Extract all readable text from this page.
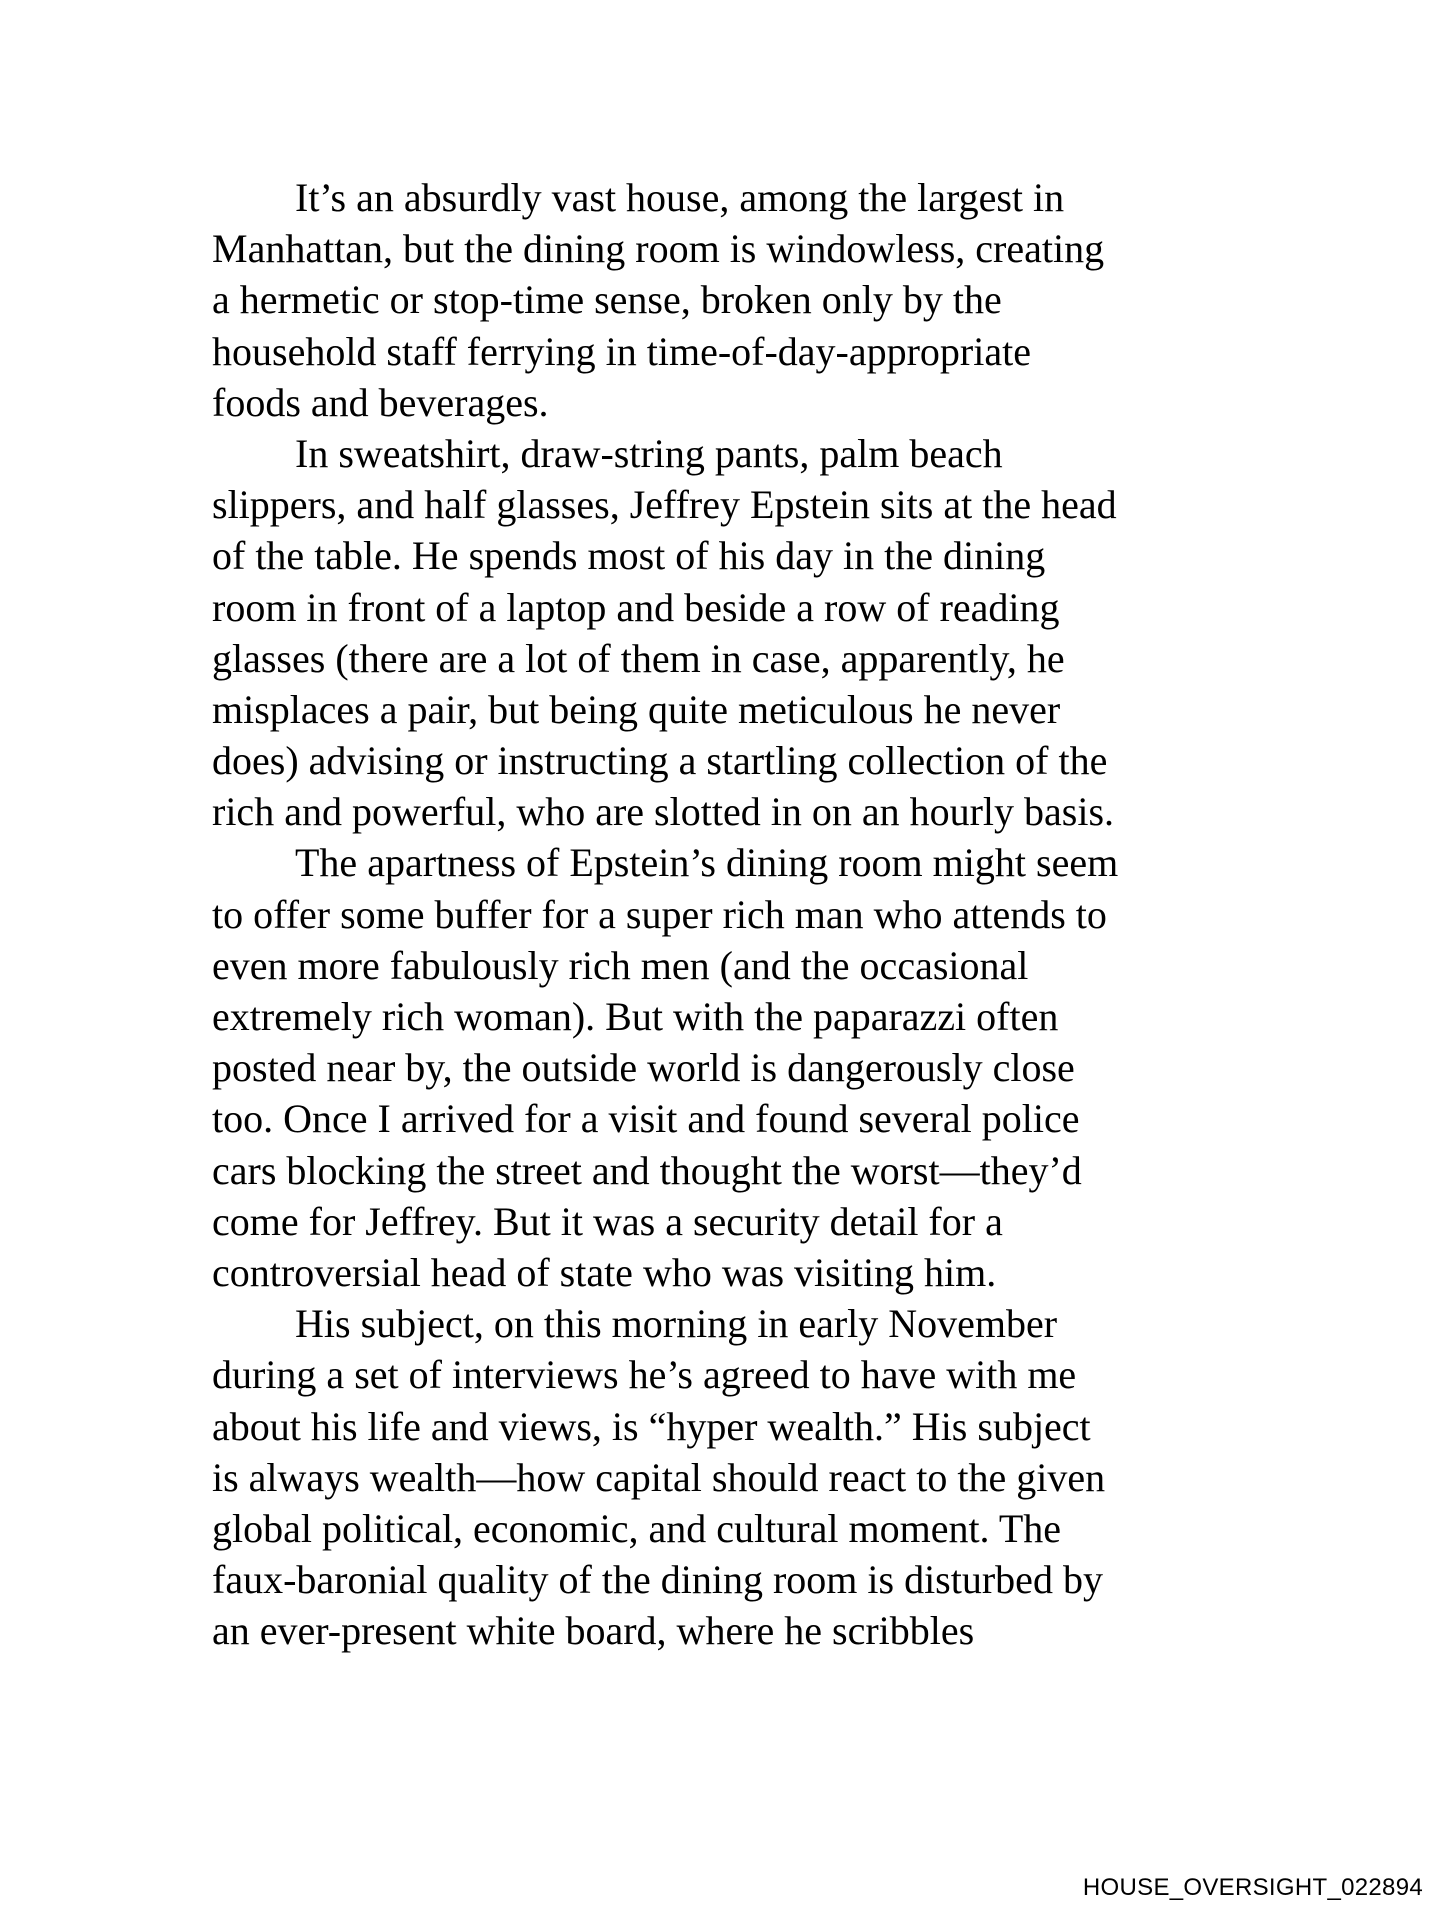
It’s an absurdly vast house, among the largest in
Manhattan, but the dining room is windowless, creating
a hermetic or stop-time sense, broken only by the
household staff ferrying in time-of-day-appropriate
foods and beverages.
In sweatshirt, draw-string pants, palm beach
slippers, and half glasses, Jeffrey Epstein sits at the head
of the table. He spends most of his day in the dining
room in front of a laptop and beside a row of reading
glasses (there are a lot of them in case, apparently, he
misplaces a pair, but being quite meticulous he never
does) advising or instructing a startling collection of the
rich and powerful, who are slotted in on an hourly basis.
The apartness of Epstein’s dining room might seem
to offer some buffer for a super rich man who attends to
even more fabulously rich men (and the occasional
extremely rich woman). But with the paparazzi often
posted near by, the outside world is dangerously close
too. Once I arrived for a visit and found several police
cars blocking the street and thought the worst—they’d
come for Jeffrey. But it was a security detail for a
controversial head of state who was visiting him.
His subject, on this morning in early November
during a set of interviews he’s agreed to have with me
about his life and views, is “hyper wealth.” His subject
is always wealth—how capital should react to the given
global political, economic, and cultural moment. The
faux-baronial quality of the dining room is disturbed by
an ever-present white board, where he scribbles
HOUSE_OVERSIGHT_022894
